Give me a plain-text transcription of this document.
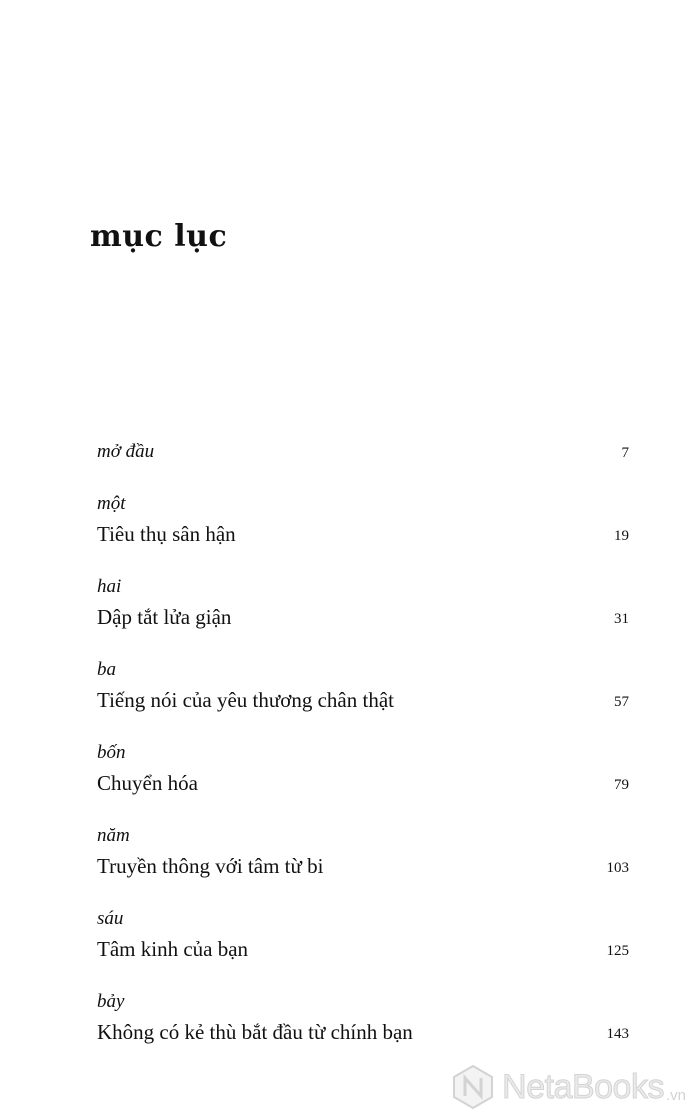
mục lục
mở đầu	7
một
Tiêu thụ sân hận	19
hai
Dập tắt lửa giận	31
ba
Tiếng nói của yêu thương chân thật	57
bốn
Chuyển hóa	79
năm
Truyền thông với tâm từ bi	103
sáu
Tâm kinh của bạn	125
bảy
Không có kẻ thù bắt đầu từ chính bạn	143
NetaBooks .vn
